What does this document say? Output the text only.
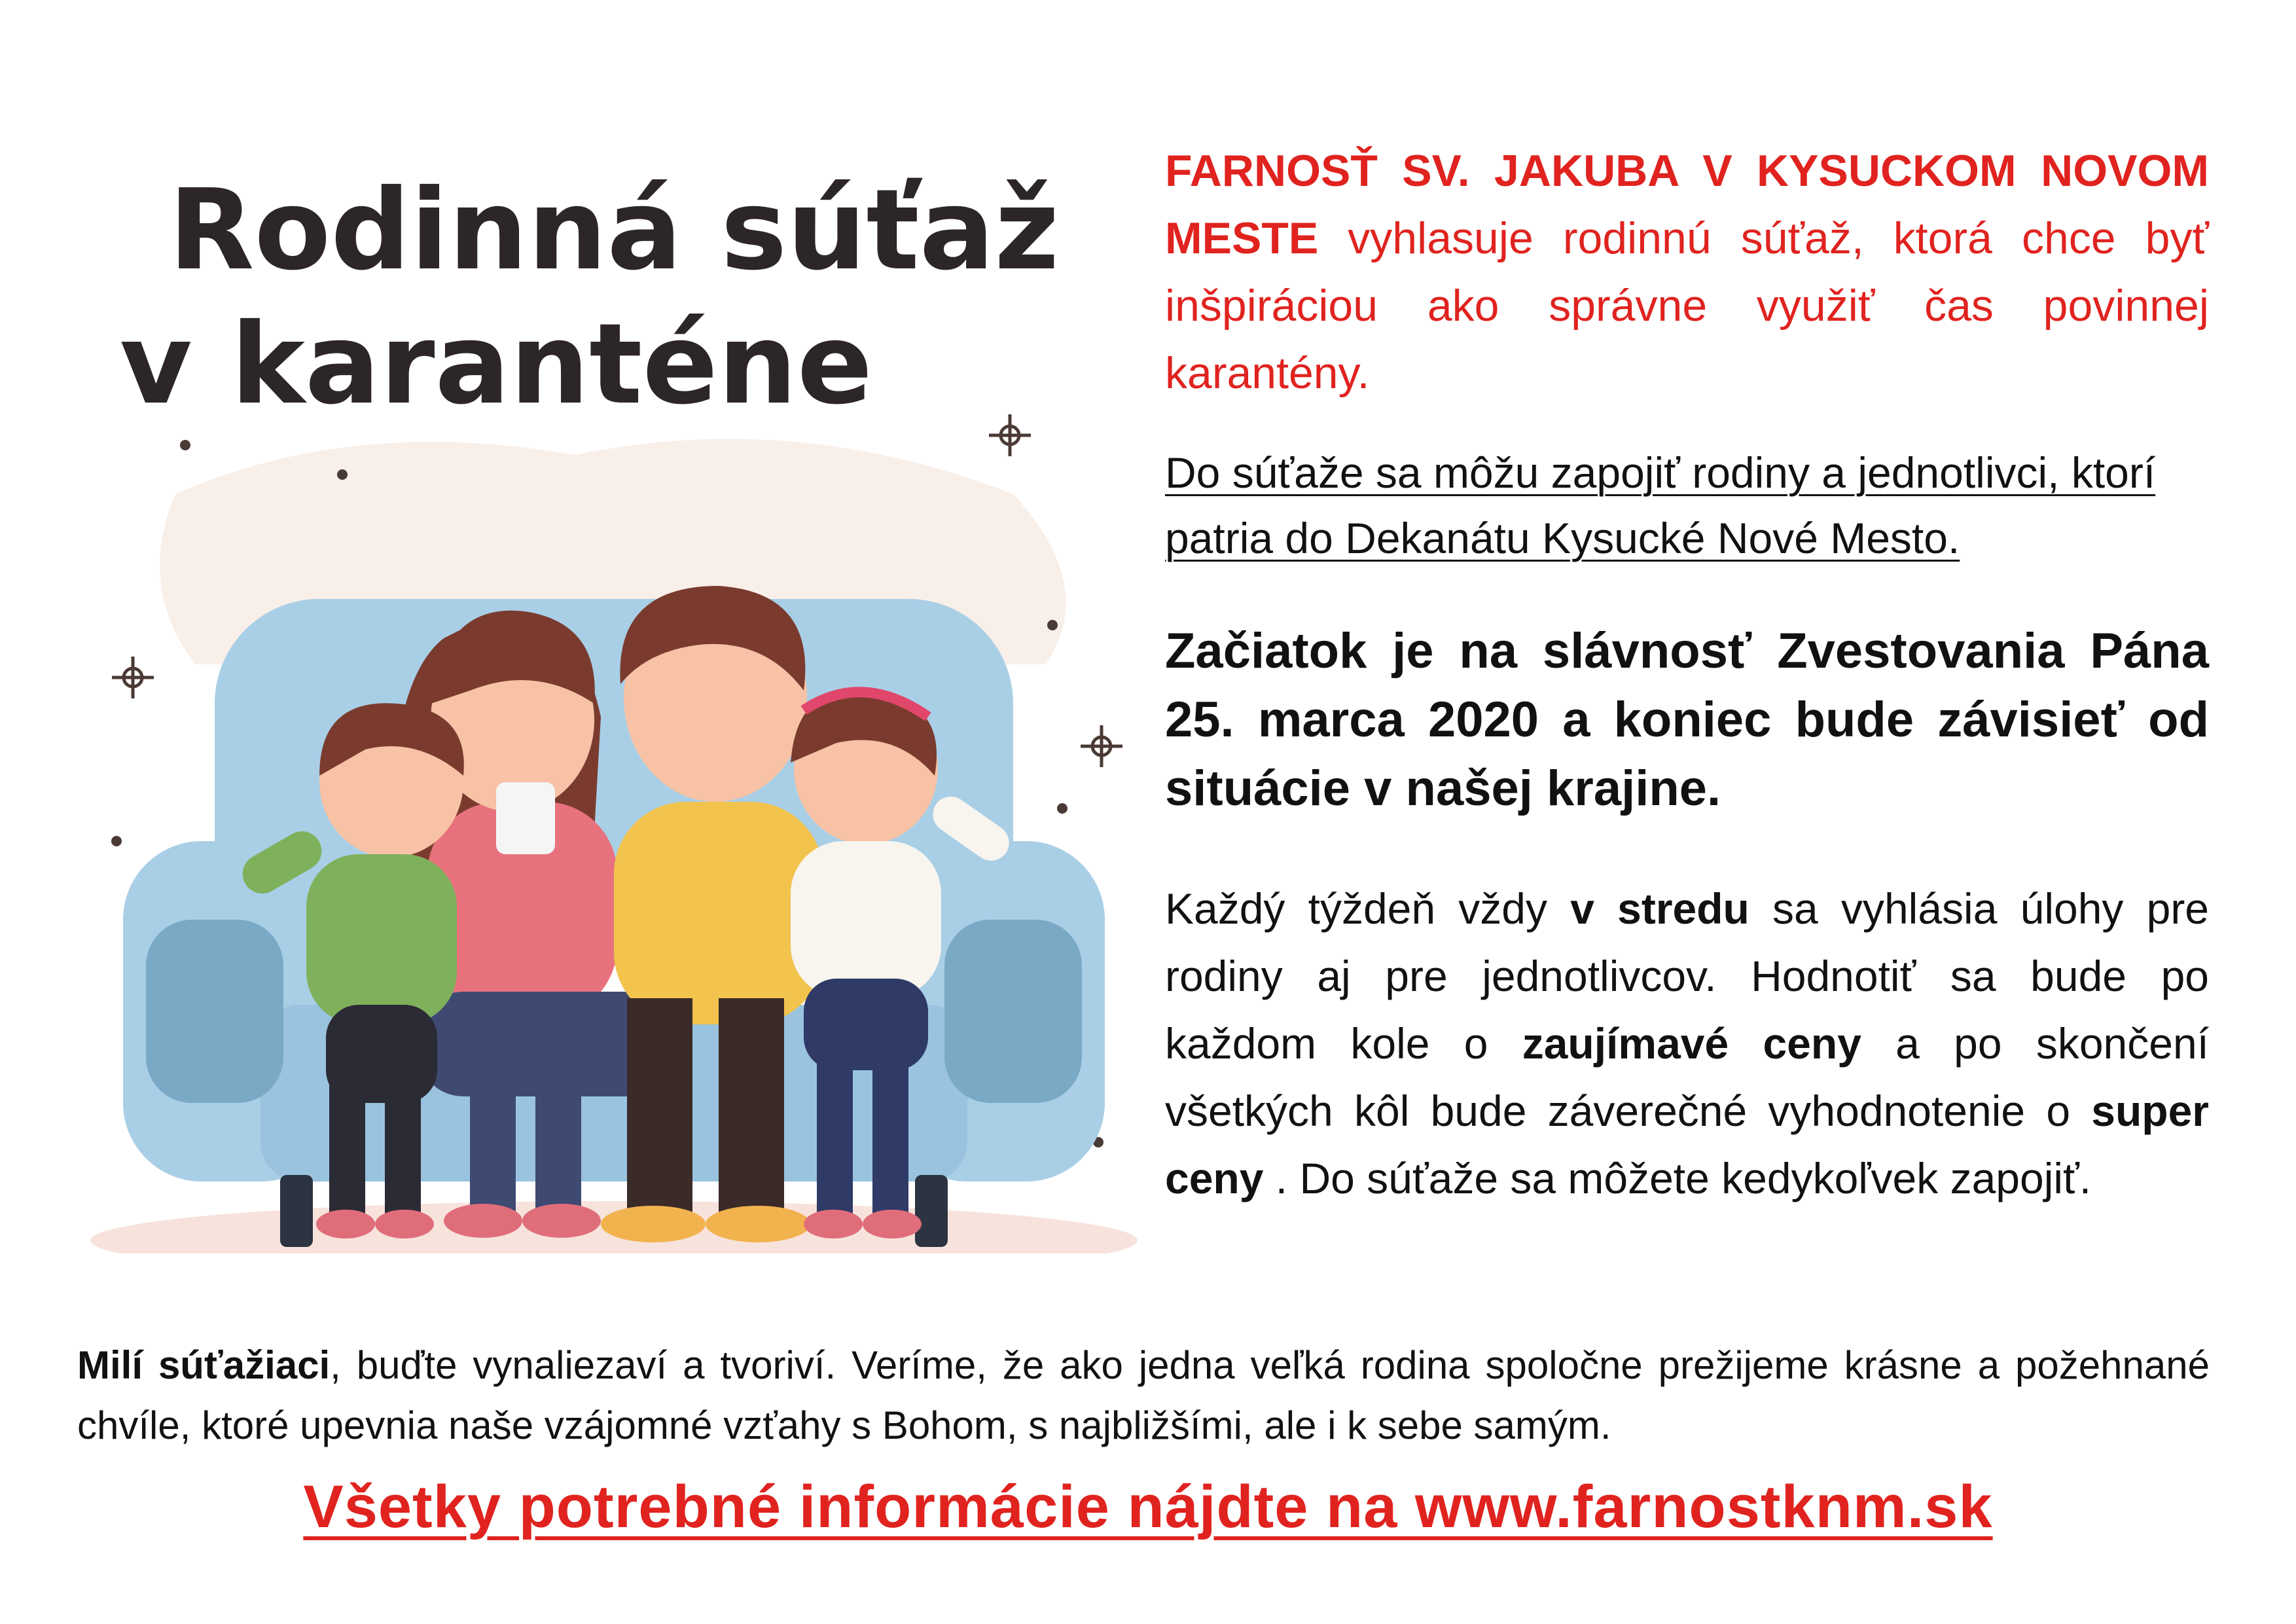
Rodinná súťaž
v karanténe

FARNOSŤ SV. JAKUBA V KYSUCKOM NOVOM MESTE vyhlasuje rodinnú súťaž, ktorá chce byť inšpiráciou ako správne využiť čas povinnej karantény.

Do súťaže sa môžu zapojiť rodiny a jednotlivci, ktorí patria do Dekanátu Kysucké Nové Mesto.

Začiatok je na slávnosť Zvestovania Pána 25. marca 2020 a koniec bude závisieť od situácie v našej krajine.

Každý týždeň vždy v stredu sa vyhlásia úlohy pre rodiny aj pre jednotlivcov. Hodnotiť sa bude po každom kole o zaujímavé ceny a po skončení všetkých kôl bude záverečné vyhodnotenie o super ceny . Do súťaže sa môžete kedykoľvek zapojiť.

Milí súťažiaci, buďte vynaliezaví a tvoriví. Veríme, že ako jedna veľká rodina spoločne prežijeme krásne a požehnané chvíle, ktoré upevnia naše vzájomné vzťahy s Bohom, s najbližšími, ale i k sebe samým.

Všetky potrebné informácie nájdte na www.farnostknm.sk
